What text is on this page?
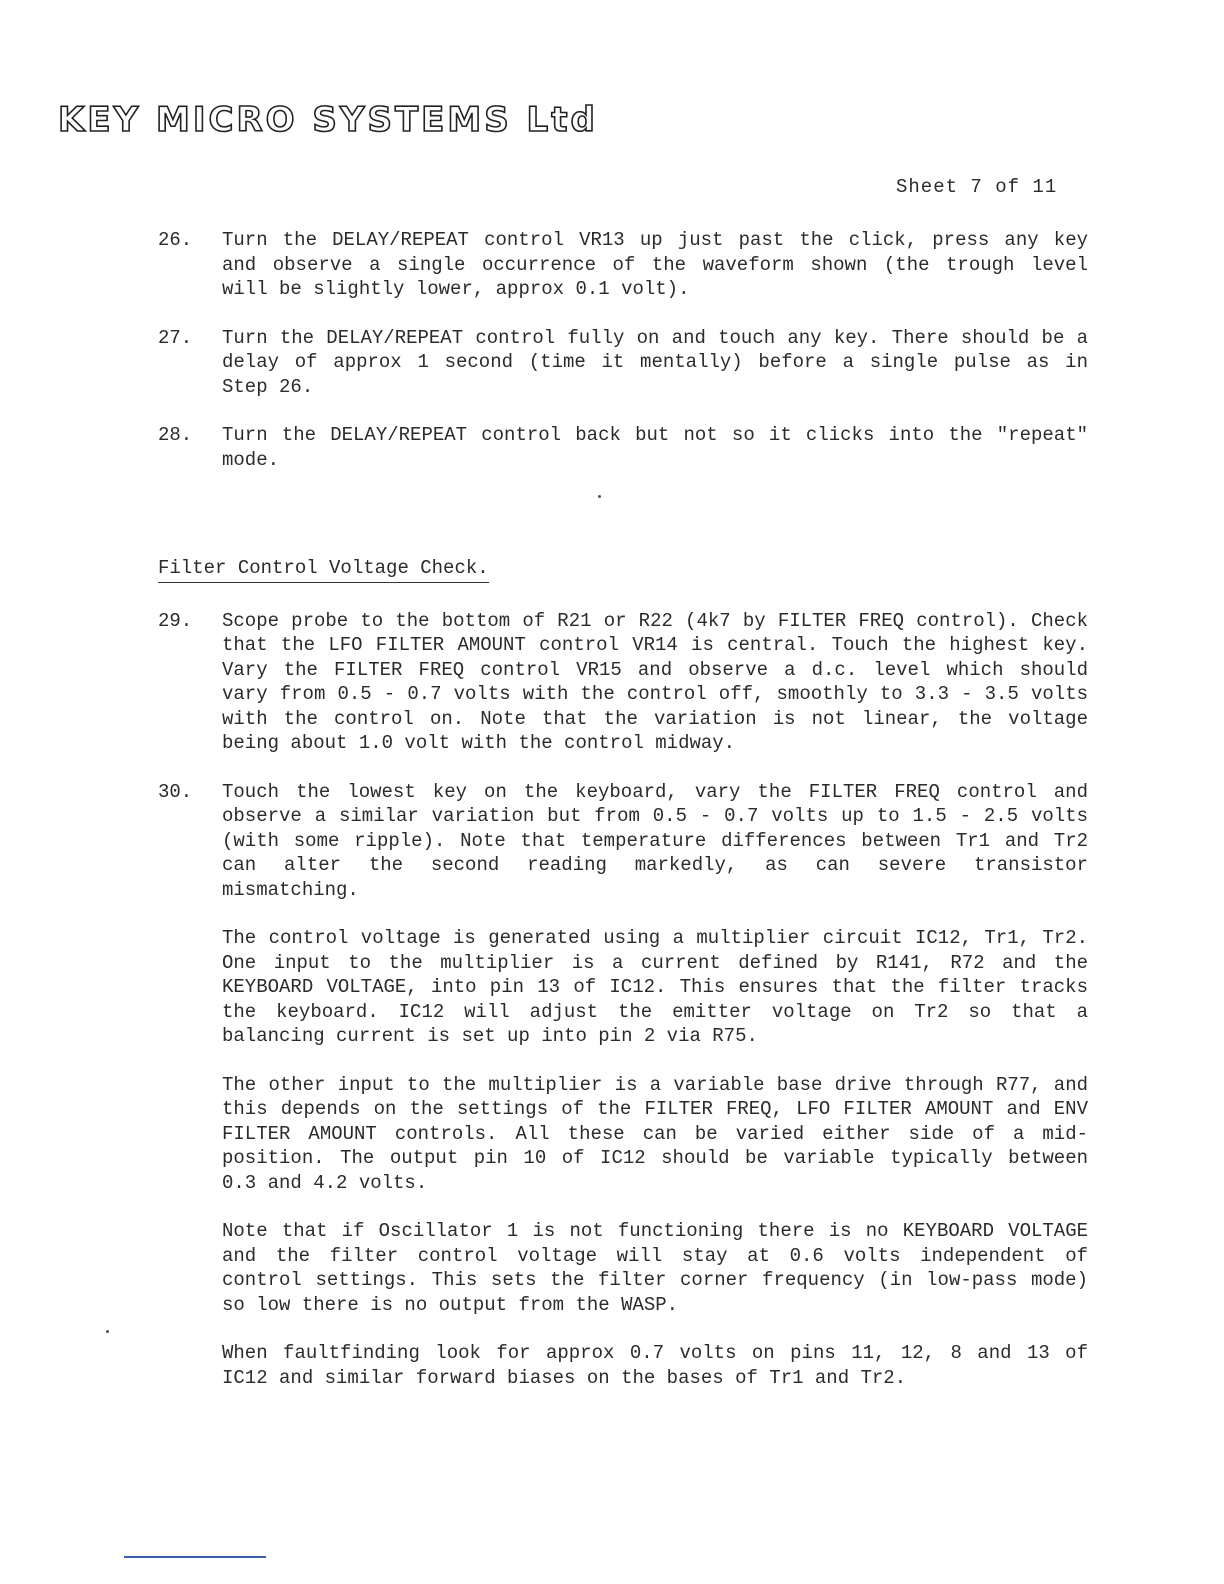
KEY MICRO SYSTEMS Ltd
Sheet 7 of 11
26.	Turn the DELAY/REPEAT control VR13 up just past the click, press any key and observe a single occurrence of the waveform shown (the trough level will be slightly lower, approx 0.1 volt).
27.	Turn the DELAY/REPEAT control fully on and touch any key. There should be a delay of approx 1 second (time it mentally) before a single pulse as in Step 26.
28.	Turn the DELAY/REPEAT control back but not so it clicks into the "repeat" mode.
Filter Control Voltage Check.
29.	Scope probe to the bottom of R21 or R22 (4k7 by FILTER FREQ control). Check that the LFO FILTER AMOUNT control VR14 is central. Touch the highest key. Vary the FILTER FREQ control VR15 and observe a d.c. level which should vary from 0.5 - 0.7 volts with the control off, smoothly to 3.3 - 3.5 volts with the control on. Note that the variation is not linear, the voltage being about 1.0 volt with the control midway.
30.	Touch the lowest key on the keyboard, vary the FILTER FREQ control and observe a similar variation but from 0.5 - 0.7 volts up to 1.5 - 2.5 volts (with some ripple). Note that temperature differences between Tr1 and Tr2 can alter the second reading markedly, as can severe transistor mismatching.
The control voltage is generated using a multiplier circuit IC12, Tr1, Tr2. One input to the multiplier is a current defined by R141, R72 and the KEYBOARD VOLTAGE, into pin 13 of IC12. This ensures that the filter tracks the keyboard. IC12 will adjust the emitter voltage on Tr2 so that a balancing current is set up into pin 2 via R75.
The other input to the multiplier is a variable base drive through R77, and this depends on the settings of the FILTER FREQ, LFO FILTER AMOUNT and ENV FILTER AMOUNT controls. All these can be varied either side of a mid-position. The output pin 10 of IC12 should be variable typically between 0.3 and 4.2 volts.
Note that if Oscillator 1 is not functioning there is no KEYBOARD VOLTAGE and the filter control voltage will stay at 0.6 volts independent of control settings. This sets the filter corner frequency (in low-pass mode) so low there is no output from the WASP.
When faultfinding look for approx 0.7 volts on pins 11, 12, 8 and 13 of IC12 and similar forward biases on the bases of Tr1 and Tr2.
